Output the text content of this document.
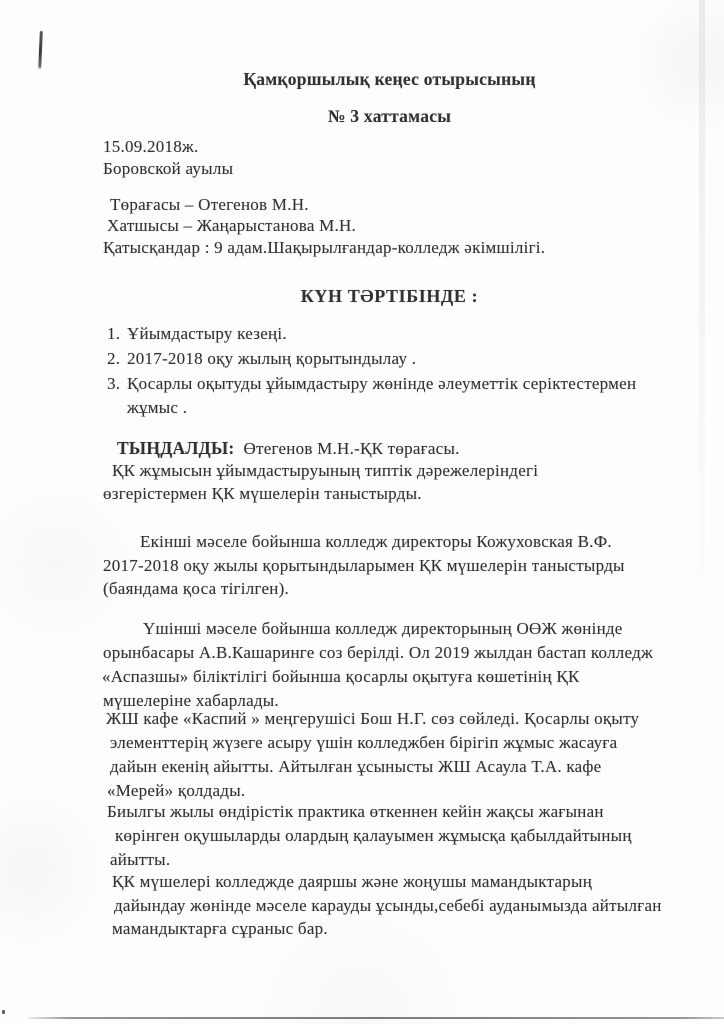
Қамқоршылық кеңес отырысының
№ 3 хаттамасы
15.09.2018ж.
Боровской ауылы
Төрағасы – Отегенов М.Н.
Хатшысы – Жаңарыстанова М.Н.
Қатысқандар : 9 адам.Шақырылғандар-колледж әкімшілігі.
КҮН ТӘРТІБІНДЕ :
1. Ұйымдастыру кезеңі.
2. 2017-2018 оқу жылың қорытындылау .
3. Қосарлы оқытуды ұйымдастыру жөнінде әлеуметтік серіктестермен
жұмыс .
ТЫҢДАЛДЫ: Өтегенов М.Н.-ҚК төрағасы.
ҚК жұмысын ұйымдастыруының типтік дәрежелеріндегі
өзгерістермен ҚК мүшелерін таныстырды.
Екінші мәселе бойынша колледж директоры Кожуховская В.Ф.
2017-2018 оқу жылы қорытындыларымен ҚК мүшелерін таныстырды
(баяндама қоса тігілген).
Үшінші мәселе бойынша колледж директорының ОӨЖ жөнінде
орынбасары А.В.Кашаринге соз берілді. Ол 2019 жылдан бастап колледж
«Аспазшы» біліктілігі бойынша қосарлы оқытуға көшетінің ҚК
мүшелеріне хабарлады.
ЖШ кафе «Каспий » меңгерушісі Бош Н.Г. сөз сөйледі. Қосарлы оқыту
элементтерің жүзеге асыру үшін колледжбен бірігіп жұмыс жасауға
дайын екенің айытты. Айтылған ұсынысты ЖШ Асаула Т.А. кафе
«Мерей» қолдады.
Биылгы жылы өндірістік практика өткеннен кейін жақсы жағынан
көрінген оқушыларды олардың қалауымен жұмысқа қабылдайтының
айытты.
ҚК мүшелері колледжде даяршы және жоңушы мамандыктарың
дайындау жөнінде мәселе карауды ұсынды,себебі ауданымызда айтылған
мамандыктарға сұраныс бар.
